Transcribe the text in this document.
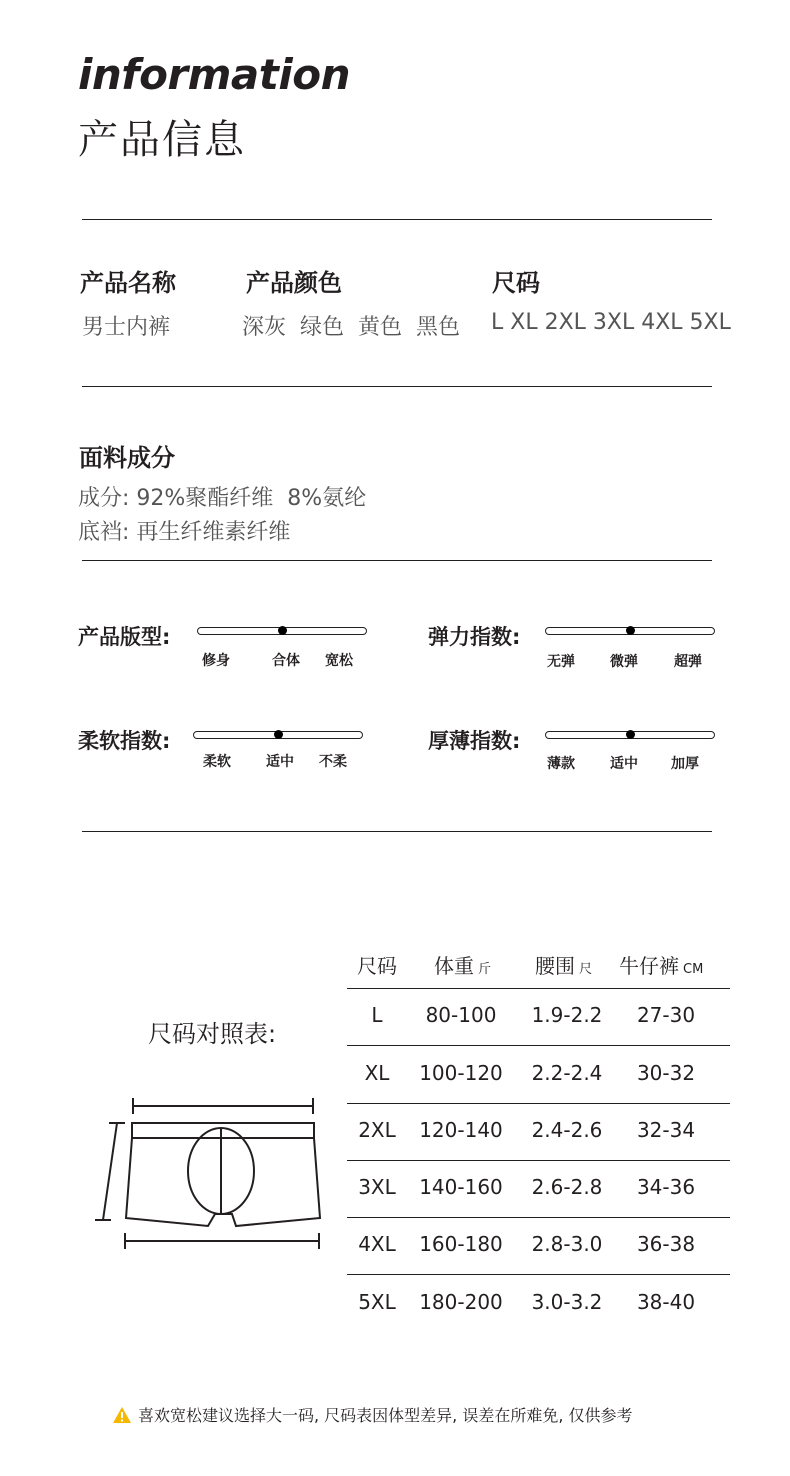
information
产品信息
产品名称
男士内裤
产品颜色
深灰  绿色  黄色  黑色
尺码
L XL 2XL 3XL 4XL 5XL
面料成分
成分: 92%聚酯纤维  8%氨纶
底裆: 再生纤维素纤维
产品版型:
修身	合体 宽松
弹力指数:
无弹	微弹	超弹
柔软指数:
柔软	适中 不柔
厚薄指数:
薄款	适中 加厚
尺码对照表:
尺码 体重 斤 腰围 尺 牛仔裤 CM
L	80-100	1.9-2.2	27-30
XL	100-120	2.2-2.4	30-32
2XL	120-140	2.4-2.6	32-34
3XL	140-160	2.6-2.8	34-36
4XL	160-180	2.8-3.0	36-38
5XL	180-200	3.0-3.2	38-40
喜欢宽松建议选择大一码, 尺码表因体型差异, 误差在所难免, 仅供参考
